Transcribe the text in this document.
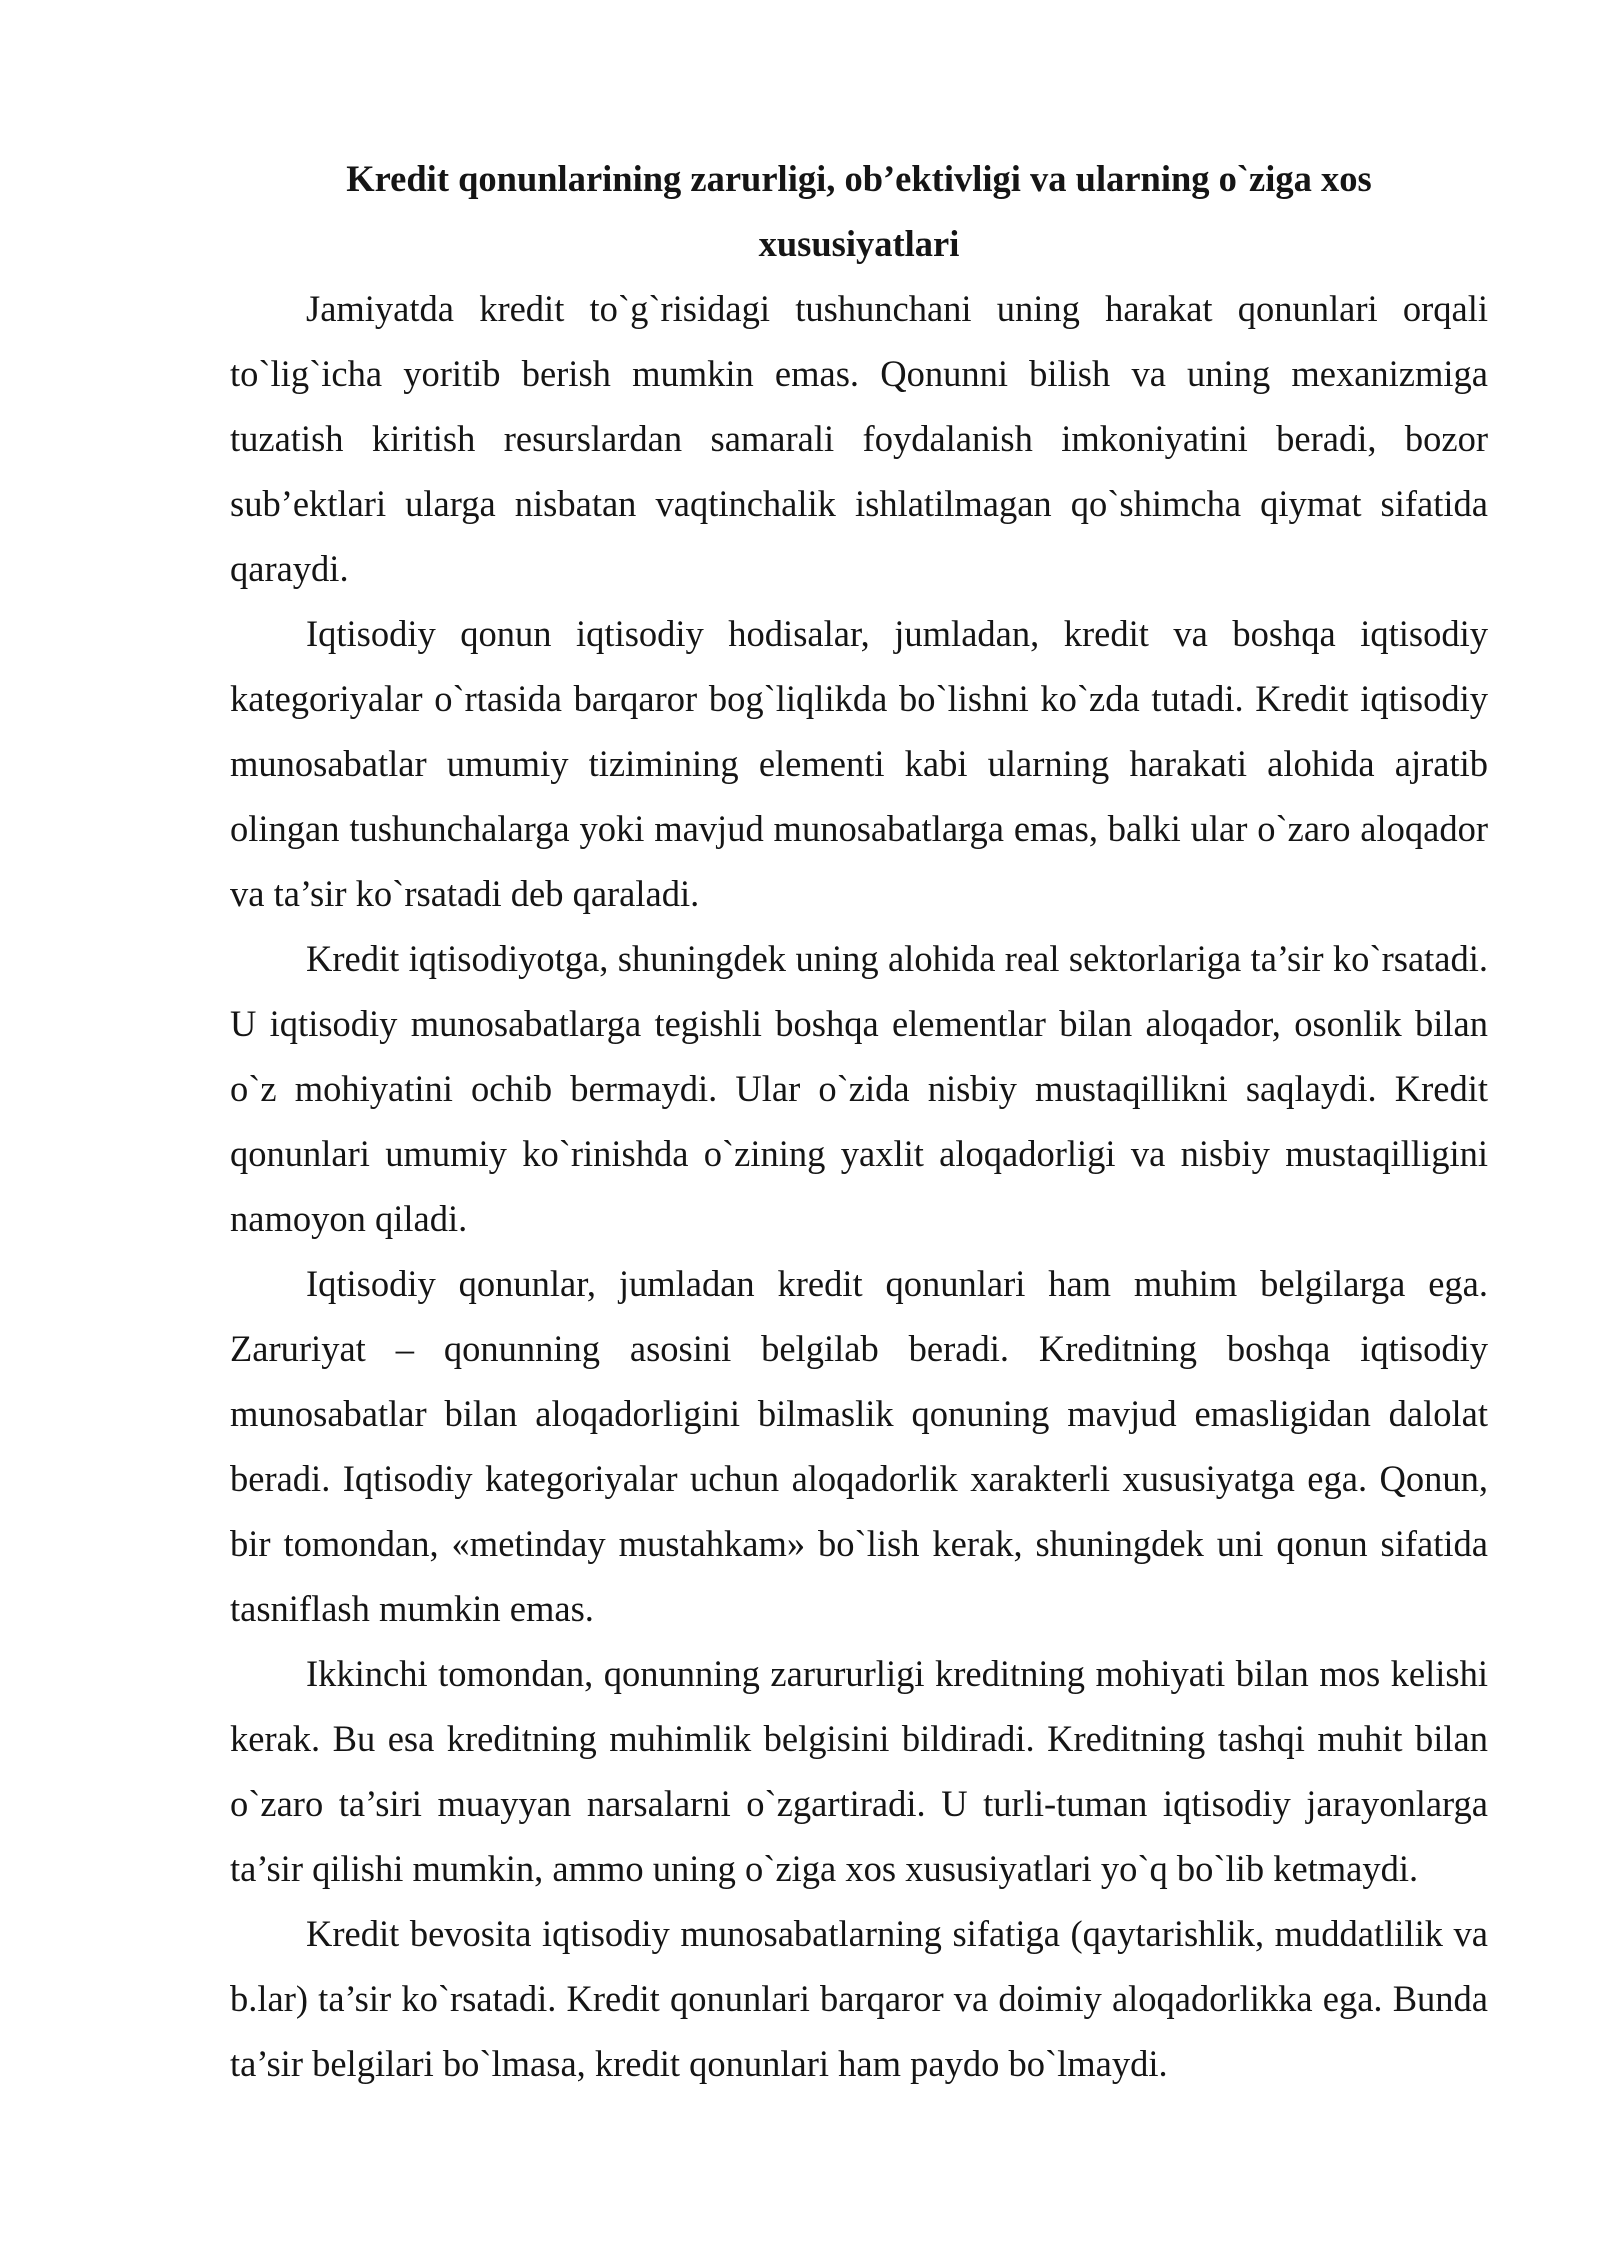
Kredit qonunlarining zarurligi, ob’ektivligi va ularning o`ziga xos xususiyatlari

Jamiyatda kredit to`g`risidagi tushunchani uning harakat qonunlari orqali to`lig`icha yoritib berish mumkin emas. Qonunni bilish va uning mexanizmiga tuzatish kiritish resurslardan samarali foydalanish imkoniyatini beradi, bozor sub’ektlari ularga nisbatan vaqtinchalik ishlatilmagan qo`shimcha qiymat sifatida qaraydi.

Iqtisodiy qonun iqtisodiy hodisalar, jumladan, kredit va boshqa iqtisodiy kategoriyalar o`rtasida barqaror bog`liqlikda bo`lishni ko`zda tutadi. Kredit iqtisodiy munosabatlar umumiy tizimining elementi kabi ularning harakati alohida ajratib olingan tushunchalarga yoki mavjud munosabatlarga emas, balki ular o`zaro aloqador va ta’sir ko`rsatadi deb qaraladi.

Kredit iqtisodiyotga, shuningdek uning alohida real sektorlariga ta’sir ko`rsatadi. U iqtisodiy munosabatlarga tegishli boshqa elementlar bilan aloqador, osonlik bilan o`z mohiyatini ochib bermaydi. Ular o`zida nisbiy mustaqillikni saqlaydi. Kredit qonunlari umumiy ko`rinishda o`zining yaxlit aloqadorligi va nisbiy mustaqilligini namoyon qiladi.

Iqtisodiy qonunlar, jumladan kredit qonunlari ham muhim belgilarga ega. Zaruriyat – qonunning asosini belgilab beradi. Kreditning boshqa iqtisodiy munosabatlar bilan aloqadorligini bilmaslik qonuning mavjud emasligidan dalolat beradi. Iqtisodiy kategoriyalar uchun aloqadorlik xarakterli xususiyatga ega. Qonun, bir tomondan, «metinday mustahkam» bo`lish kerak, shuningdek uni qonun sifatida tasniflash mumkin emas.

Ikkinchi tomondan, qonunning zarururligi kreditning mohiyati bilan mos kelishi kerak. Bu esa kreditning muhimlik belgisini bildiradi. Kreditning tashqi muhit bilan o`zaro ta’siri muayyan narsalarni o`zgartiradi. U turli-tuman iqtisodiy jarayonlarga ta’sir qilishi mumkin, ammo uning o`ziga xos xususiyatlari yo`q bo`lib ketmaydi.

Kredit bevosita iqtisodiy munosabatlarning sifatiga (qaytarishlik, muddatlilik va b.lar) ta’sir ko`rsatadi. Kredit qonunlari barqaror va doimiy aloqadorlikka ega. Bunda ta’sir belgilari bo`lmasa, kredit qonunlari ham paydo bo`lmaydi.
